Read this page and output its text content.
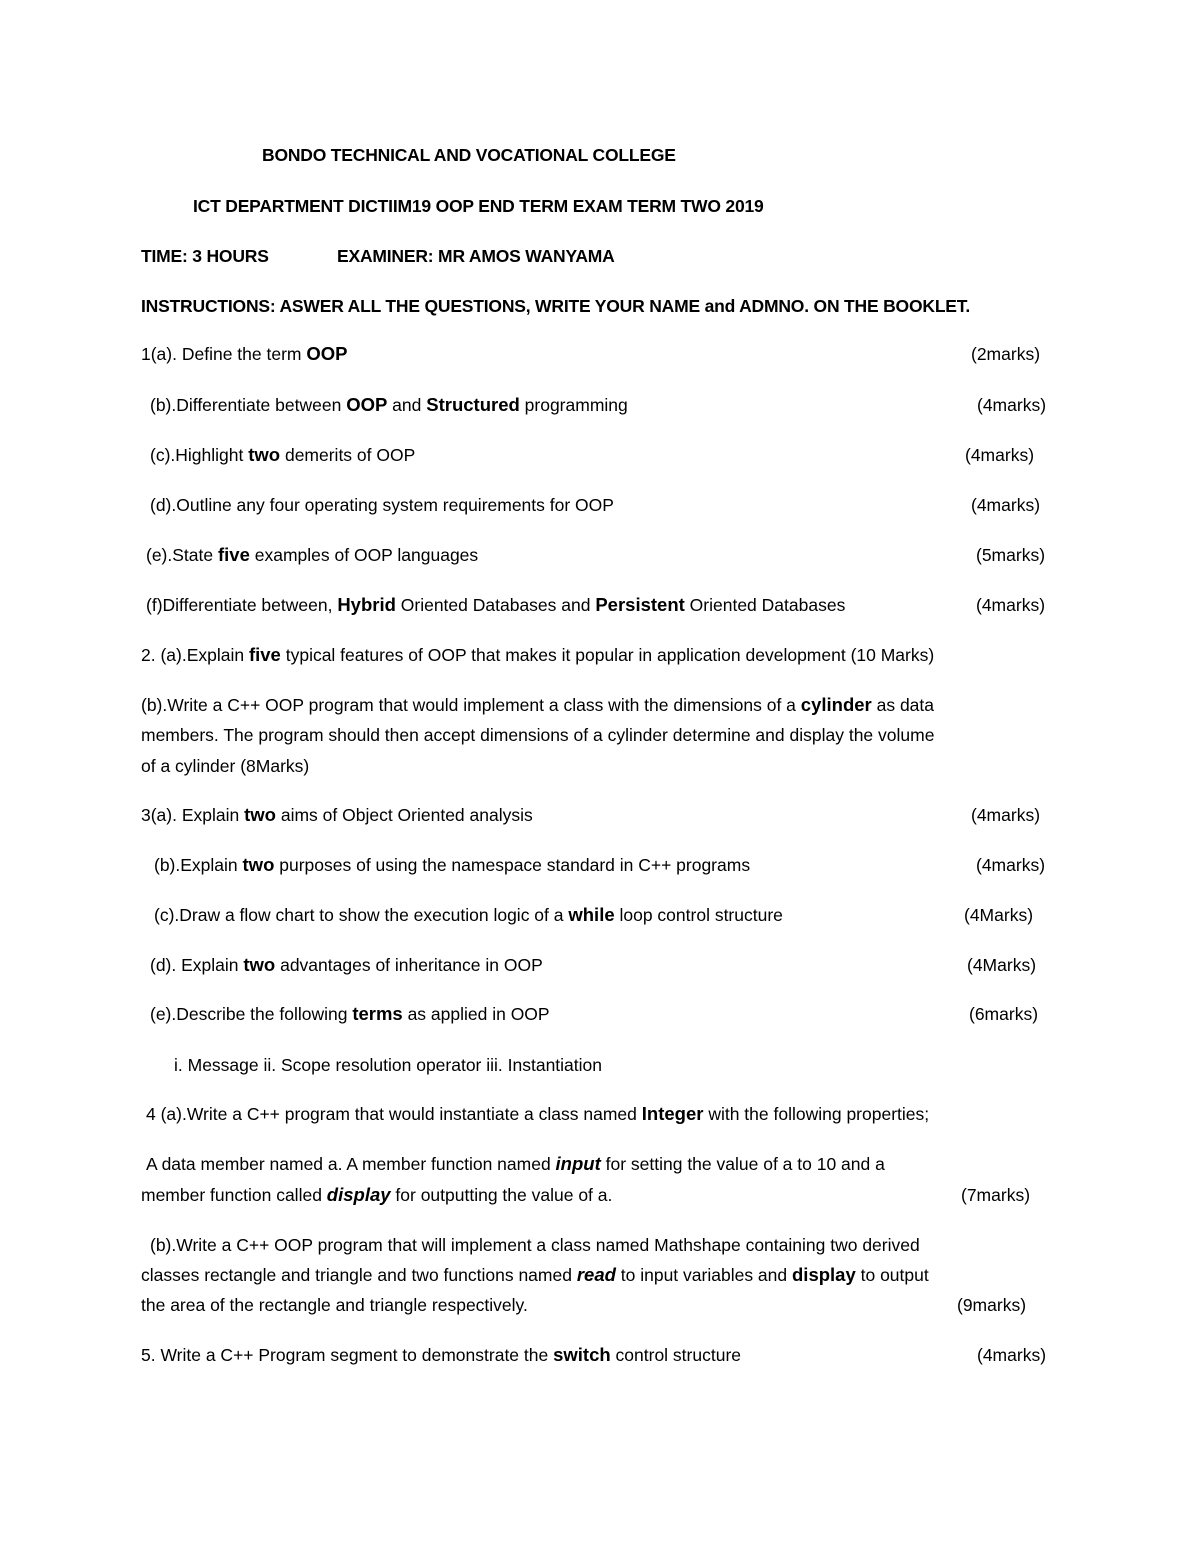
BONDO TECHNICAL AND VOCATIONAL COLLEGE
ICT DEPARTMENT DICTIIM19 OOP END TERM EXAM TERM TWO 2019
TIME: 3 HOURS	EXAMINER: MR AMOS WANYAMA
INSTRUCTIONS: ASWER ALL THE QUESTIONS, WRITE YOUR NAME and ADMNO. ON THE BOOKLET.
1(a). Define the term OOP	(2marks)
(b).Differentiate between OOP and Structured programming	(4marks)
(c).Highlight two demerits of OOP	(4marks)
(d).Outline any four operating system requirements for OOP	(4marks)
(e).State five examples of OOP languages	(5marks)
(f)Differentiate between, Hybrid Oriented Databases and Persistent Oriented Databases	(4marks)
2. (a).Explain five typical features of OOP that makes it popular in application development (10 Marks)
(b).Write a C++ OOP program that would implement a class with the dimensions of a cylinder as data
members. The program should then accept dimensions of a cylinder determine and display the volume
of a cylinder (8Marks)
3(a). Explain two aims of Object Oriented analysis	(4marks)
(b).Explain two purposes of using the namespace standard in C++ programs	(4marks)
(c).Draw a flow chart to show the execution logic of a while loop control structure	(4Marks)
(d). Explain two advantages of inheritance in OOP	(4Marks)
(e).Describe the following terms as applied in OOP	(6marks)
i. Message ii. Scope resolution operator iii. Instantiation
4 (a).Write a C++ program that would instantiate a class named Integer with the following properties;
A data member named a. A member function named input for setting the value of a to 10 and a
member function called display for outputting the value of a.	(7marks)
(b).Write a C++ OOP program that will implement a class named Mathshape containing two derived
classes rectangle and triangle and two functions named read to input variables and display to output
the area of the rectangle and triangle respectively.	(9marks)
5. Write a C++ Program segment to demonstrate the switch control structure	(4marks)
